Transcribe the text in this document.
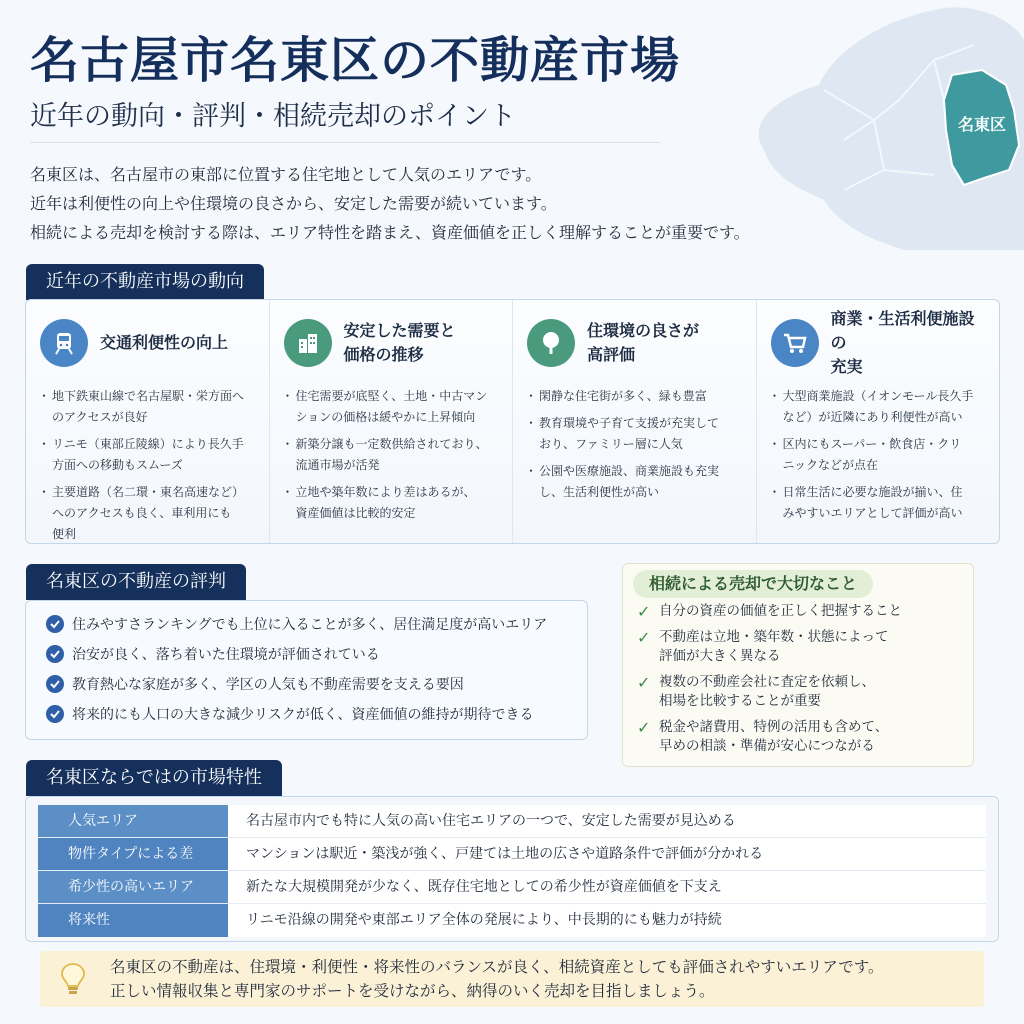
名東区
名古屋市名東区の不動産市場
近年の動向・評判・相続売却のポイント
名東区は、名古屋市の東部に位置する住宅地として人気のエリアです。
近年は利便性の向上や住環境の良さから、安定した需要が続いています。
相続による売却を検討する際は、エリア特性を踏まえ、資産価値を正しく理解することが重要です。
近年の不動産市場の動向
交通利便性の向上
・ 地下鉄東山線で名古屋駅・栄方面へ
のアクセスが良好
・ リニモ（東部丘陵線）により長久手
方面への移動もスムーズ
・ 主要道路（名二環・東名高速など）
へのアクセスも良く、車利用にも
便利
安定した需要と
価格の推移
・ 住宅需要が底堅く、土地・中古マン
ションの価格は緩やかに上昇傾向
・ 新築分譲も一定数供給されており、
流通市場が活発
・ 立地や築年数により差はあるが、
資産価値は比較的安定
住環境の良さが
高評価
・ 閑静な住宅街が多く、緑も豊富
・ 教育環境や子育て支援が充実して
おり、ファミリー層に人気
・ 公園や医療施設、商業施設も充実
し、生活利便性が高い
商業・生活利便施設の
充実
・ 大型商業施設（イオンモール長久手
など）が近隣にあり利便性が高い
・ 区内にもスーパー・飲食店・クリ
ニックなどが点在
・ 日常生活に必要な施設が揃い、住
みやすいエリアとして評価が高い
名東区の不動産の評判
住みやすさランキングでも上位に入ることが多く、居住満足度が高いエリア
治安が良く、落ち着いた住環境が評価されている
教育熱心な家庭が多く、学区の人気も不動産需要を支える要因
将来的にも人口の大きな減少リスクが低く、資産価値の維持が期待できる
相続による売却で大切なこと
✓ 自分の資産の価値を正しく把握すること
✓ 不動産は立地・築年数・状態によって
評価が大きく異なる
✓ 複数の不動産会社に査定を依頼し、
相場を比較することが重要
✓ 税金や諸費用、特例の活用も含めて、
早めの相談・準備が安心につながる
名東区ならではの市場特性
人気エリア	名古屋市内でも特に人気の高い住宅エリアの一つで、安定した需要が見込める
物件タイプによる差	マンションは駅近・築浅が強く、戸建ては土地の広さや道路条件で評価が分かれる
希少性の高いエリア	新たな大規模開発が少なく、既存住宅地としての希少性が資産価値を下支え
将来性	リニモ沿線の開発や東部エリア全体の発展により、中長期的にも魅力が持続
名東区の不動産は、住環境・利便性・将来性のバランスが良く、相続資産としても評価されやすいエリアです。
正しい情報収集と専門家のサポートを受けながら、納得のいく売却を目指しましょう。
